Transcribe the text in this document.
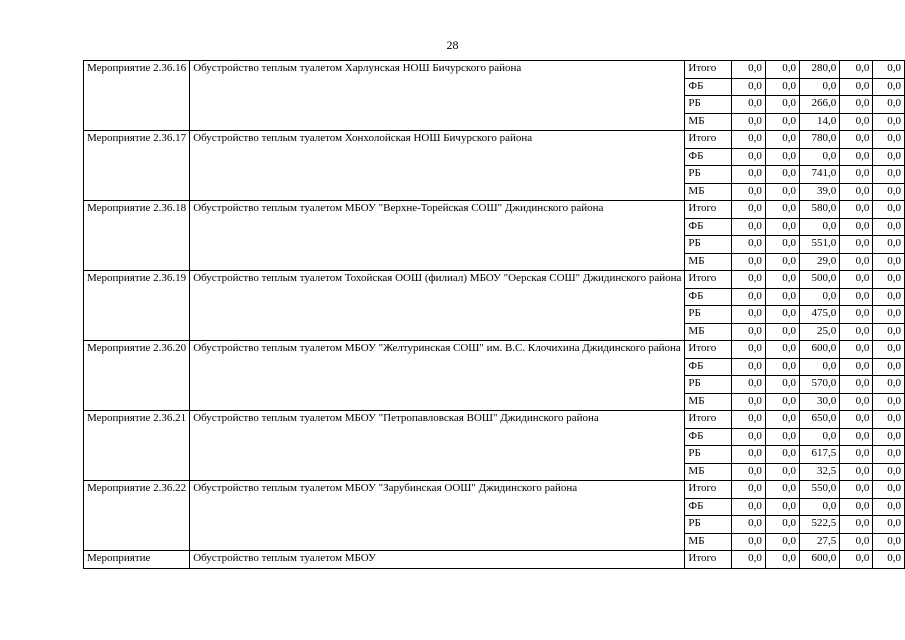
28
Мероприятие 2.36.16	Обустройство теплым туалетом Харлунская НОШ Бичурского района	Итого	0,0	0,0	280,0	0,0	0,0
		ФБ	0,0	0,0	0,0	0,0	0,0
		РБ	0,0	0,0	266,0	0,0	0,0
		МБ	0,0	0,0	14,0	0,0	0,0
Мероприятие 2.36.17	Обустройство теплым туалетом Хонхолойская НОШ Бичурского района	Итого	0,0	0,0	780,0	0,0	0,0
		ФБ	0,0	0,0	0,0	0,0	0,0
		РБ	0,0	0,0	741,0	0,0	0,0
		МБ	0,0	0,0	39,0	0,0	0,0
Мероприятие 2.36.18	Обустройство теплым туалетом МБОУ "Верхне-Торейская СОШ" Джидинского района	Итого	0,0	0,0	580,0	0,0	0,0
		ФБ	0,0	0,0	0,0	0,0	0,0
		РБ	0,0	0,0	551,0	0,0	0,0
		МБ	0,0	0,0	29,0	0,0	0,0
Мероприятие 2.36.19	Обустройство теплым туалетом Тохойская ООШ (филиал) МБОУ "Оерская СОШ" Джидинского района	Итого	0,0	0,0	500,0	0,0	0,0
		ФБ	0,0	0,0	0,0	0,0	0,0
		РБ	0,0	0,0	475,0	0,0	0,0
		МБ	0,0	0,0	25,0	0,0	0,0
Мероприятие 2.36.20	Обустройство теплым туалетом МБОУ "Желтуринская СОШ" им. В.С. Клочихина Джидинского района	Итого	0,0	0,0	600,0	0,0	0,0
		ФБ	0,0	0,0	0,0	0,0	0,0
		РБ	0,0	0,0	570,0	0,0	0,0
		МБ	0,0	0,0	30,0	0,0	0,0
Мероприятие 2.36.21	Обустройство теплым туалетом МБОУ "Петропавловская ВОШ" Джидинского района	Итого	0,0	0,0	650,0	0,0	0,0
		ФБ	0,0	0,0	0,0	0,0	0,0
		РБ	0,0	0,0	617,5	0,0	0,0
		МБ	0,0	0,0	32,5	0,0	0,0
Мероприятие 2.36.22	Обустройство теплым туалетом МБОУ "Зарубинская ООШ" Джидинского района	Итого	0,0	0,0	550,0	0,0	0,0
		ФБ	0,0	0,0	0,0	0,0	0,0
		РБ	0,0	0,0	522,5	0,0	0,0
		МБ	0,0	0,0	27,5	0,0	0,0
Мероприятие	Обустройство теплым туалетом МБОУ	Итого	0,0	0,0	600,0	0,0	0,0
